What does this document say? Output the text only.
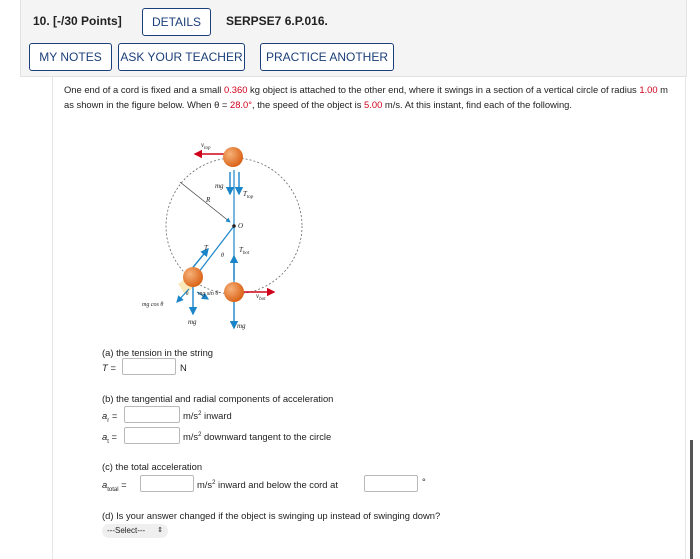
10. [-/30 Points]	DETAILS	SERPSE7 6.P.016.
MY NOTES	ASK YOUR TEACHER	PRACTICE ANOTHER
One end of a cord is fixed and a small 0.360 kg object is attached to the other end, where it swings in a section of a vertical circle of radius 1.00 m as shown in the figure below. When θ = 28.0°, the speed of the object is 5.00 m/s. At this instant, find each of the following.
$v_{top}$
mg
$T_{top}$
R
O
T
θ
$T_{bot}$
mg cos θ
mg sin θ
θ	$v_{bot}$
mg	mg
(a) the tension in the string
T =	N
(b) the tangential and radial components of acceleration
$a_r$ =	$m/s^2$ inward
$a_t$ =	$m/s^2$ downward tangent to the circle
(c) the total acceleration
$a_{total}$ =	$m/s^2$ inward and below the cord at	°
(d) Is your answer changed if the object is swinging up instead of swinging down?
---Select--- ⇕
